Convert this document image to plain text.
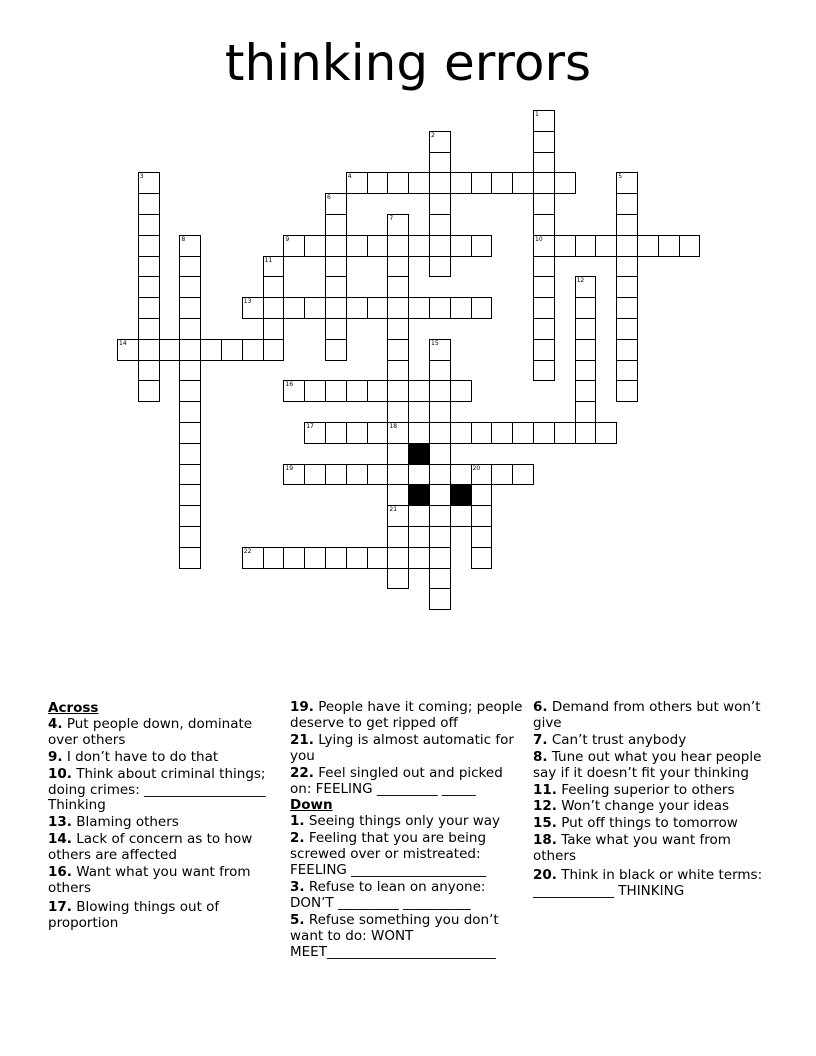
thinking errors
4
9	10
13
14
16
17	18
19	20
21
22
1
2
3	5
6
7
8
11
12
15
Across
4. Put people down, dominate over others
9. I don’t have to do that
10. Think about criminal things; doing crimes: __________________ Thinking
13. Blaming others
14. Lack of concern as to how others are affected
16. Want what you want from others
17. Blowing things out of proportion
19. People have it coming; people deserve to get ripped off
21. Lying is almost automatic for you
22. Feel singled out and picked on: FEELING _________ _____
Down
1. Seeing things only your way
2. Feeling that you are being screwed over or mistreated: FEELING ____________________
3. Refuse to lean on anyone: DON’T _________ __________
5. Refuse something you don’t want to do: WONT MEET_________________________
6. Demand from others but won’t give
7. Can’t trust anybody
8. Tune out what you hear people say if it doesn’t fit your thinking
11. Feeling superior to others
12. Won’t change your ideas
15. Put off things to tomorrow
18. Take what you want from others
20. Think in black or white terms: ____________ THINKING
